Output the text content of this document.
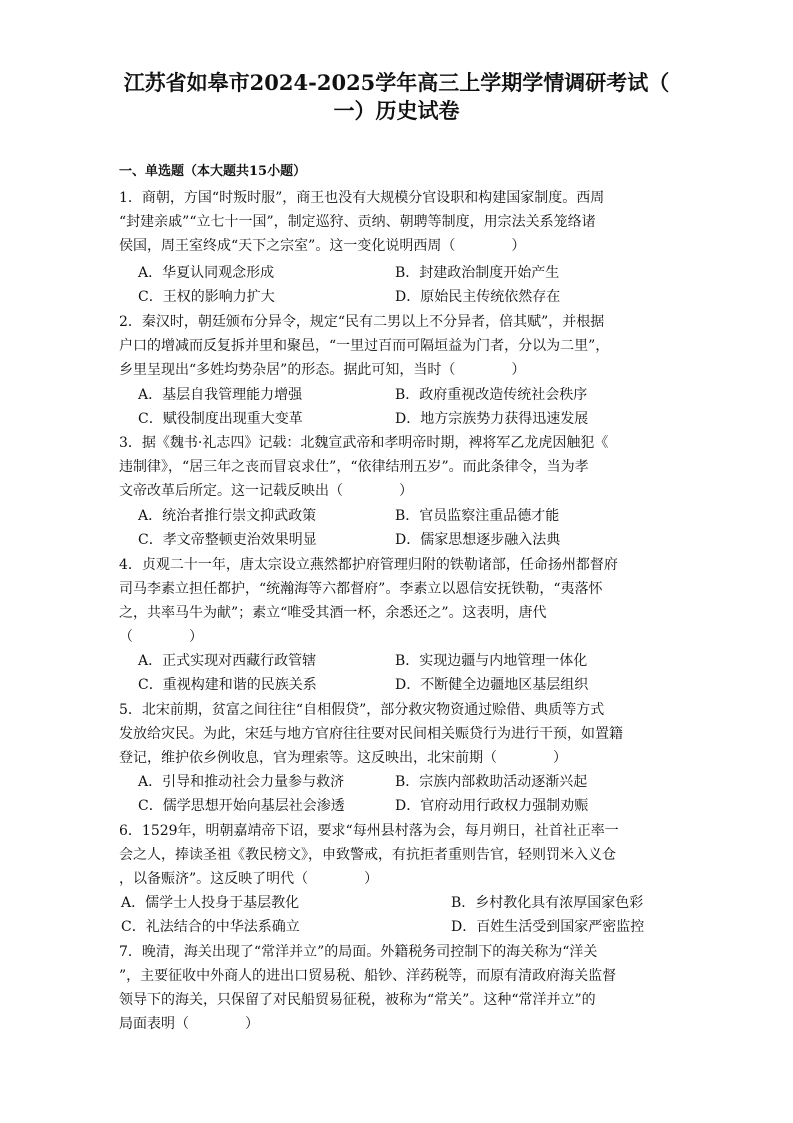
江苏省如皋市2024-2025学年高三上学期学情调研考试（
一）历史试卷
一、单选题（本大题共15小题）
1．商朝，方国“时叛时服”，商王也没有大规模分官设职和构建国家制度。西周
“封建亲戚”“立七十一国”，制定巡狩、贡纳、朝聘等制度，用宗法关系笼络诸
侯国，周王室终成“天下之宗室”。这一变化说明西周（　　　　）
A．华夏认同观念形成	B．封建政治制度开始产生
C．王权的影响力扩大	D．原始民主传统依然存在
2．秦汉时，朝廷颁布分异令，规定“民有二男以上不分异者，倍其赋”，并根据
户口的增减而反复拆并里和聚邑，“一里过百而可隔垣益为门者，分以为二里”，
乡里呈现出“多姓均势杂居”的形态。据此可知，当时（　　　　）
A．基层自我管理能力增强	B．政府重视改造传统社会秩序
C．赋役制度出现重大变革	D．地方宗族势力获得迅速发展
3．据《魏书·礼志四》记载：北魏宣武帝和孝明帝时期，裨将军乙龙虎因触犯《
违制律》，“居三年之丧而冒哀求仕”，“依律结刑五岁”。而此条律令，当为孝
文帝改革后所定。这一记载反映出（　　　　）
A．统治者推行崇文抑武政策	B．官员监察注重品德才能
C．孝文帝整顿吏治效果明显	D．儒家思想逐步融入法典
4．贞观二十一年，唐太宗设立燕然都护府管理归附的铁勒诸部，任命扬州都督府
司马李素立担任都护，“统瀚海等六都督府”。李素立以恩信安抚铁勒，“夷落怀
之，共率马牛为献”；素立“唯受其酒一杯，余悉还之”。这表明，唐代
（　　　　）
A．正式实现对西藏行政管辖	B．实现边疆与内地管理一体化
C．重视构建和谐的民族关系	D．不断健全边疆地区基层组织
5．北宋前期，贫富之间往往“自相假贷”，部分救灾物资通过赊借、典质等方式
发放给灾民。为此，宋廷与地方官府往往要对民间相关赈贷行为进行干预，如置籍
登记，维护依乡例收息，官为理索等。这反映出，北宋前期（　　　　）
A．引导和推动社会力量参与救济	B．宗族内部救助活动逐渐兴起
C．儒学思想开始向基层社会渗透	D．官府动用行政权力强制劝赈
6．1529年，明朝嘉靖帝下诏，要求“每州县村落为会，每月朔日，社首社正率一
会之人，捧读圣祖《教民榜文》，申致警戒，有抗拒者重则告官，轻则罚米入义仓
，以备赈济”。这反映了明代（　　　　）
A．儒学士人投身于基层教化	B．乡村教化具有浓厚国家色彩
C．礼法结合的中华法系确立	D．百姓生活受到国家严密监控
7．晚清，海关出现了“常洋并立”的局面。外籍税务司控制下的海关称为“洋关
”，主要征收中外商人的进出口贸易税、船钞、洋药税等，而原有清政府海关监督
领导下的海关，只保留了对民船贸易征税，被称为“常关”。这种“常洋并立”的
局面表明（　　　　）
